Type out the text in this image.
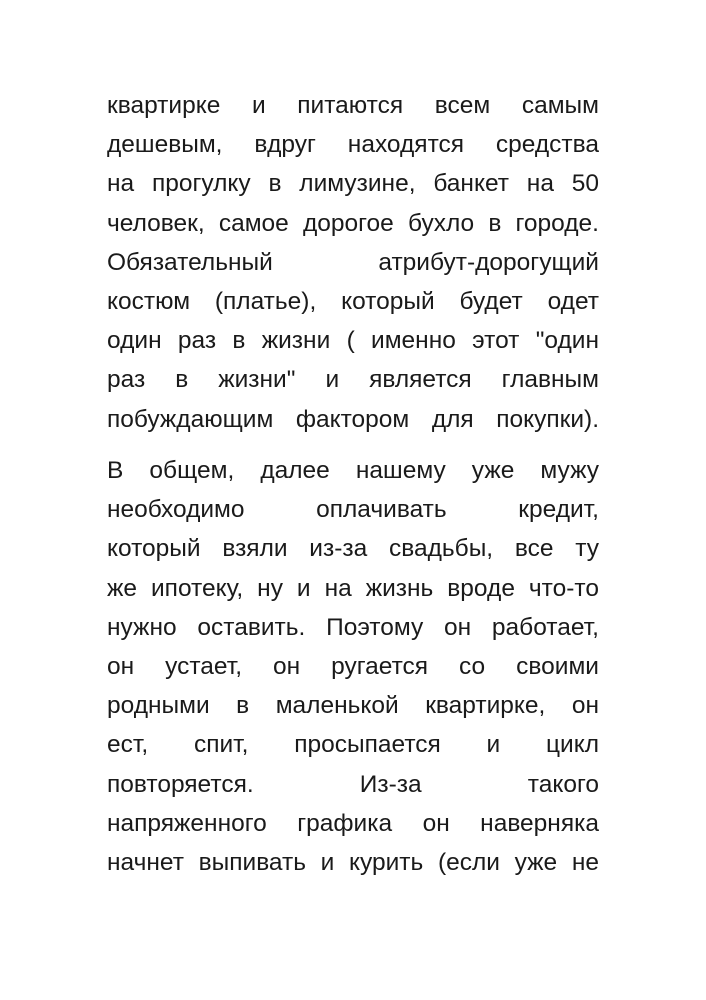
квартирке и питаются всем самым
дешевым, вдруг находятся средства
на прогулку в лимузине, банкет на 50
человек, самое дорогое бухло в городе.
Обязательный атрибут-дорогущий
костюм (платье), который будет одет
один раз в жизни ( именно этот "один
раз в жизни" и является главным
побуждающим фактором для покупки).
В общем, далее нашему уже мужу
необходимо оплачивать кредит,
который взяли из-за свадьбы, все ту
же ипотеку, ну и на жизнь вроде что-то
нужно оставить. Поэтому он работает,
он устает, он ругается со своими
родными в маленькой квартирке, он
ест, спит, просыпается и цикл
повторяется. Из-за такого
напряженного графика он наверняка
начнет выпивать и курить (если уже не
